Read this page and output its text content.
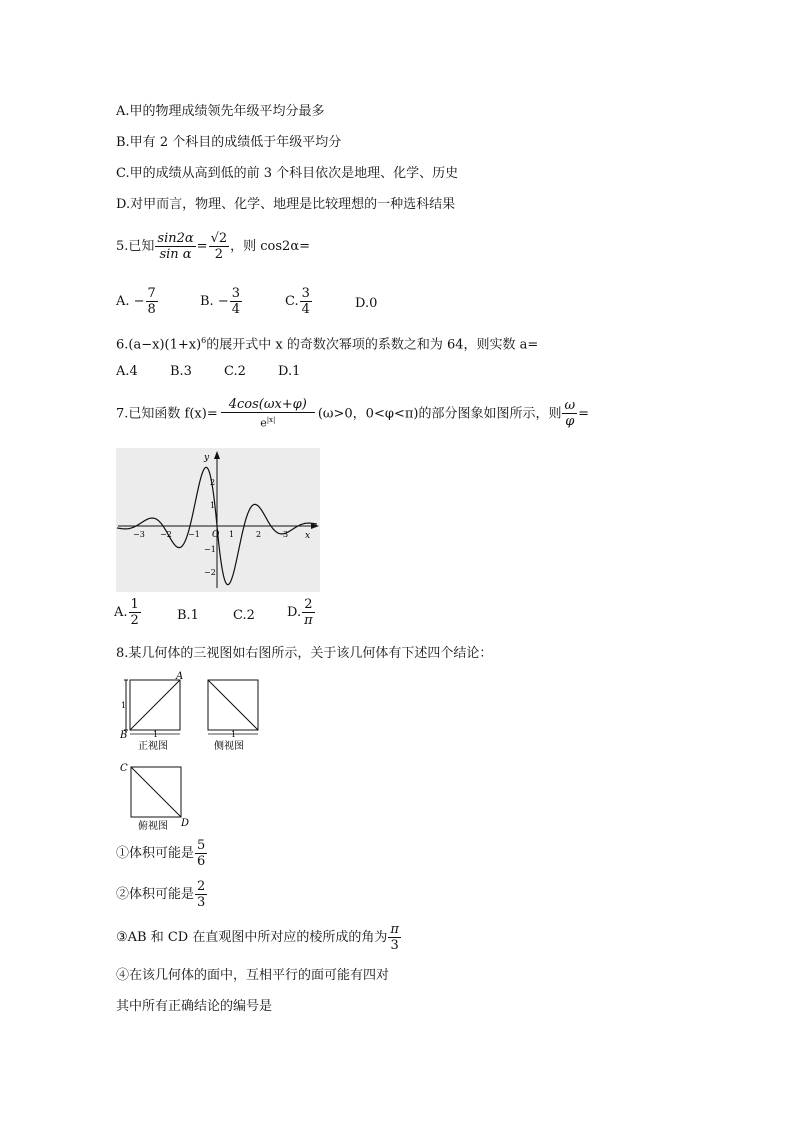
A.甲的物理成绩领先年级平均分最多
B.甲有 2 个科目的成绩低于年级平均分
C.甲的成绩从高到低的前 3 个科目依次是地理、化学、历史
D.对甲而言，物理、化学、地理是比较理想的一种选科结果
5.已知 $\frac{\sin 2\alpha}{\text{sin α}} = \frac{√2}{2}$ ，则 cos2α=
A. − $\frac{7}{8}$	B. − $\frac{3}{4}$	C. $\frac{3}{4}$	D.0
$6.(a-x)(1+x)^6$的展开式中 x 的奇数次幂项的系数之和为 64，则实数 a=
A.4 B.3 C.2 D.1
7.已知函数 $f(x)= \frac{4\cos(\omega x+\varphi)}{e^{|x|}} (\omega>0$，0<φ<π)的部分图象如图所示，则 $\frac{\omega}{\varphi}$ =
y
x
O
−3 −2 −1	1	2	3
2
1
−1
−2
A. $\frac{1}{2}$	B.1	C.2 D. $\frac{2}{\pi}$
8.某几何体的三视图如右图所示，关于该几何体有下述四个结论：
1
1
A
B
正视图
1
侧视图
C
D
俯视图
①体积可能是 $\frac{5}{6}$
②体积可能是 $\frac{2}{3}$
③AB 和 CD 在直观图中所对应的棱所成的角为 $\frac{\pi}{3}$
④在该几何体的面中，互相平行的面可能有四对
其中所有正确结论的编号是
